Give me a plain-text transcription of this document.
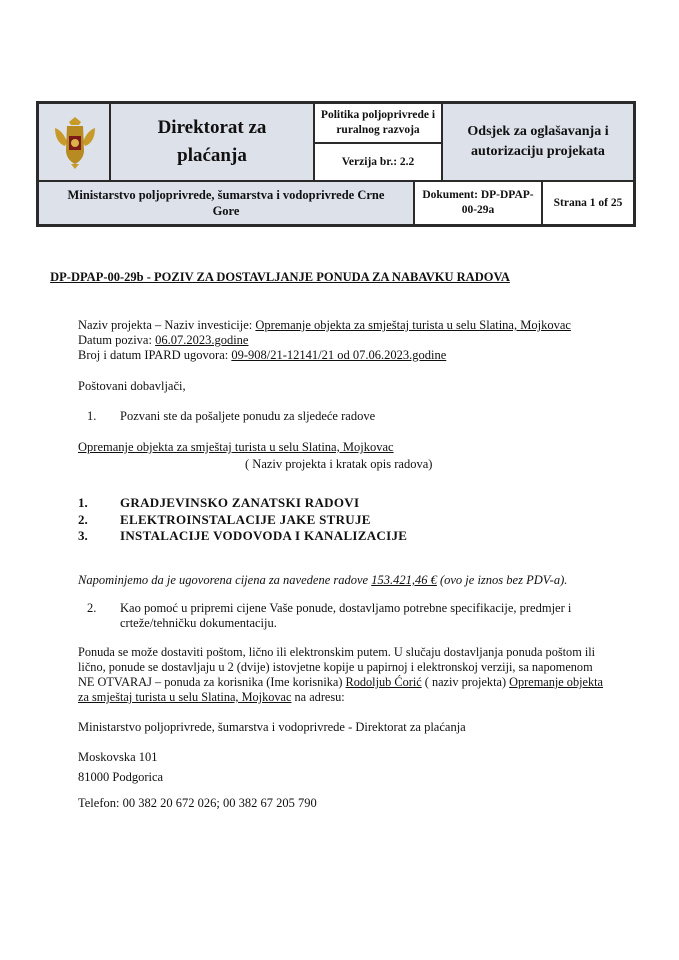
Direktorat za
plaćanja
Politika poljoprivrede i
ruralnog razvoja
Verzija br.: 2.2
Odsjek za oglašavanja i
autorizaciju projekata
Ministarstvo poljoprivrede, šumarstva i vodoprivrede Crne
Gore
Dokument: DP-DPAP-
00-29a
Strana 1 of 25
DP-DPAP-00-29b - POZIV ZA DOSTAVLJANJE PONUDA ZA NABAVKU RADOVA
Naziv projekta – Naziv investicije: Opremanje objekta za smještaj turista u selu Slatina, Mojkovac
Datum poziva: 06.07.2023.godine
Broj i datum IPARD ugovora: 09-908/21-12141/21 od 07.06.2023.godine
Poštovani dobavljači,
1. Pozvani ste da pošaljete ponudu za sljedeće radove
Opremanje objekta za smještaj turista u selu Slatina, Mojkovac
( Naziv projekta i kratak opis radova)
1. GRADJEVINSKO ZANATSKI RADOVI
2. ELEKTROINSTALACIJE JAKE STRUJE
3. INSTALACIJE VODOVODA I KANALIZACIJE
Napominjemo da je ugovorena cijena za navedene radove 153.421,46 € (ovo je iznos bez PDV-a).
2. Kao pomoć u pripremi cijene Vaše ponude, dostavljamo potrebne specifikacije, predmjer i
crteže/tehničku dokumentaciju.
Ponuda se može dostaviti poštom, lično ili elektronskim putem. U slučaju dostavljanja ponuda poštom ili
lično, ponude se dostavljaju u 2 (dvije) istovjetne kopije u papirnoj i elektronskoj verziji, sa napomenom
NE OTVARAJ – ponuda za korisnika (Ime korisnika) Rodoljub Ćorić ( naziv projekta) Opremanje objekta
za smještaj turista u selu Slatina, Mojkovac na adresu:
Ministarstvo poljoprivrede, šumarstva i vodoprivrede - Direktorat za plaćanja
Moskovska 101
81000 Podgorica
Telefon: 00 382 20 672 026; 00 382 67 205 790
